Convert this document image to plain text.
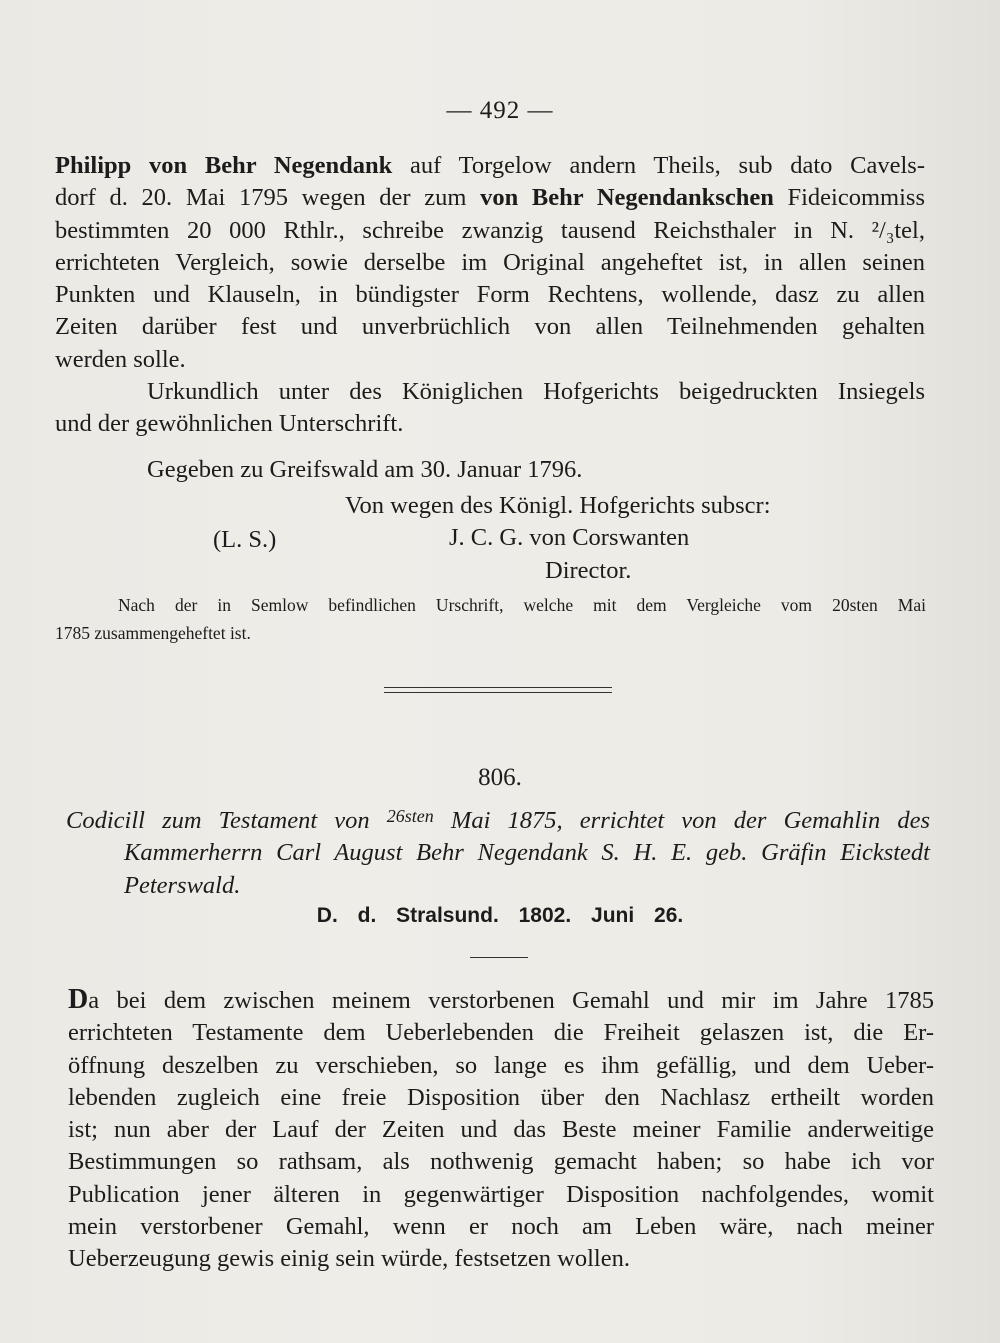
— 492 —
Philipp von Behr Negendank auf Torgelow andern Theils, sub dato Cavels-
dorf d. 20. Mai 1795 wegen der zum von Behr Negendankschen Fideicommiss
bestimmten 20 000 Rthlr., schreibe zwanzig tausend Reichsthaler in N. ²/₃tel,
errichteten Vergleich, sowie derselbe im Original angeheftet ist, in allen seinen
Punkten und Klauseln, in bündigster Form Rechtens, wollende, dasz zu allen
Zeiten darüber fest und unverbrüchlich von allen Teilnehmenden gehalten
werden solle.
Urkundlich unter des Königlichen Hofgerichts beigedruckten Insiegels
und der gewöhnlichen Unterschrift.
Gegeben zu Greifswald am 30. Januar 1796.
Von wegen des Königl. Hofgerichts subscr:
(L. S.)	J. C. G. von Corswanten
Director.
Nach der in Semlow befindlichen Urschrift, welche mit dem Vergleiche vom 20sten Mai
1785 zusammengeheftet ist.
806.
Codicill zum Testament von $^{26sten}$ Mai 1875, errichtet von der Gemahlin des
Kammerherrn Carl August Behr Negendank S. H. E. geb. Gräfin Eickstedt
Peterswald.
D. d. Stralsund. 1802. Juni 26.
Da bei dem zwischen meinem verstorbenen Gemahl und mir im Jahre 1785
errichteten Testamente dem Ueberlebenden die Freiheit gelaszen ist, die Er-
öffnung deszelben zu verschieben, so lange es ihm gefällig, und dem Ueber-
lebenden zugleich eine freie Disposition über den Nachlasz ertheilt worden
ist; nun aber der Lauf der Zeiten und das Beste meiner Familie anderweitige
Bestimmungen so rathsam, als nothwenig gemacht haben; so habe ich vor
Publication jener älteren in gegenwärtiger Disposition nachfolgendes, womit
mein verstorbener Gemahl, wenn er noch am Leben wäre, nach meiner
Ueberzeugung gewis einig sein würde, festsetzen wollen.
